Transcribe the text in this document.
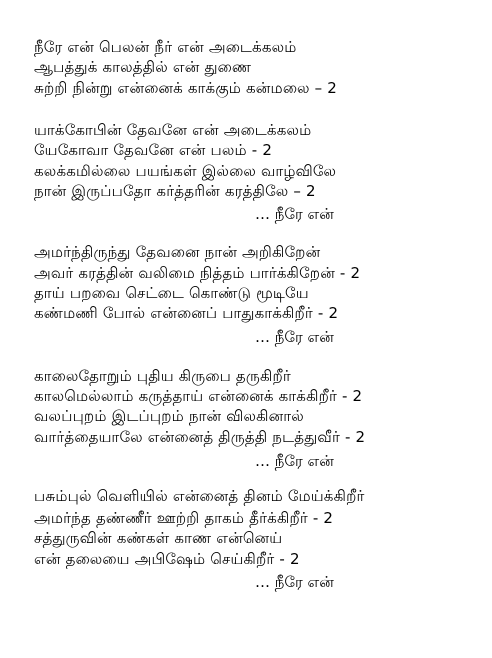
நீரே என் பெலன் நீர் என் அடைக்கலம்
ஆபத்துக் காலத்தில் என் துணை
சுற்றி நின்று என்னைக் காக்கும் கன்மலை – 2
யாக்கோபின் தேவனே என் அடைக்கலம்
யேகோவா தேவனே என் பலம் - 2
கலக்கமில்லை பயங்கள் இல்லை வாழ்விலே
நான் இருப்பதோ கர்த்தரின் கரத்திலே – 2
… நீரே என்
அமர்ந்திருந்து தேவனை நான் அறிகிறேன்
அவர் கரத்தின் வலிமை நித்தம் பார்க்கிறேன் - 2
தாய் பறவை செட்டை கொண்டு மூடியே
கண்மணி போல் என்னைப் பாதுகாக்கிறீர் - 2
… நீரே என்
காலைதோறும் புதிய கிருபை தருகிறீர்
காலமெல்லாம் கருத்தாய் என்னைக் காக்கிறீர் - 2
வலப்புறம் இடப்புறம் நான் விலகினால்
வார்த்தையாலே என்னைத் திருத்தி நடத்துவீர் - 2
… நீரே என்
பசும்புல் வெளியில் என்னைத் தினம் மேய்க்கிறீர்
அமர்ந்த தண்ணீர் ஊற்றி தாகம் தீர்க்கிறீர் - 2
சத்துருவின் கண்கள் காண என்னெய்
என் தலையை அபிஷேம் செய்கிறீர் - 2
… நீரே என்
